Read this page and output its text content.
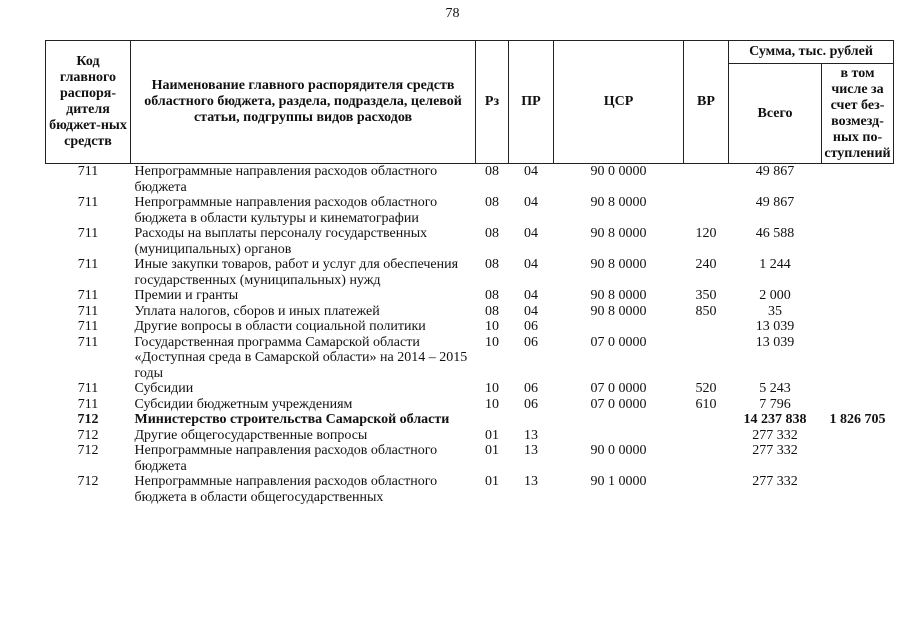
78
Код главного распоря-дителя бюджет-ных средств	Наименование главного распорядителя средств областного бюджета, раздела, подраздела, целевой статьи, подгруппы видов расходов	Рз	ПР	ЦСР	ВР	Сумма, тыс. рублей	
						Всего	в том числе за счет без-возмезд-ных по-ступлений
711	Непрограммные направления расходов областного бюджета	08	04	90 0 0000		49 867	
711	Непрограммные направления расходов областного бюджета в области культуры и кинематографии	08	04	90 8 0000		49 867	
711	Расходы на выплаты персоналу государственных (муниципальных) органов	08	04	90 8 0000	120	46 588	
711	Иные закупки товаров, работ и услуг для обеспечения государственных (муниципальных) нужд	08	04	90 8 0000	240	1 244	
711	Премии и гранты	08	04	90 8 0000	350	2 000	
711	Уплата налогов, сборов и иных платежей	08	04	90 8 0000	850	35	
711	Другие вопросы в области социальной политики	10	06			13 039	
711	Государственная программа Самарской области «Доступная среда в Самарской области» на 2014 – 2015 годы	10	06	07 0 0000		13 039	
711	Субсидии	10	06	07 0 0000	520	5 243	
711	Субсидии бюджетным учреждениям	10	06	07 0 0000	610	7 796	
712	Министерство строительства Самарской области					14 237 838	1 826 705
712	Другие общегосударственные вопросы	01	13			277 332	
712	Непрограммные направления расходов областного бюджета	01	13	90 0 0000		277 332	
712	Непрограммные направления расходов областного бюджета в области общегосударственных	01	13	90 1 0000		277 332	
